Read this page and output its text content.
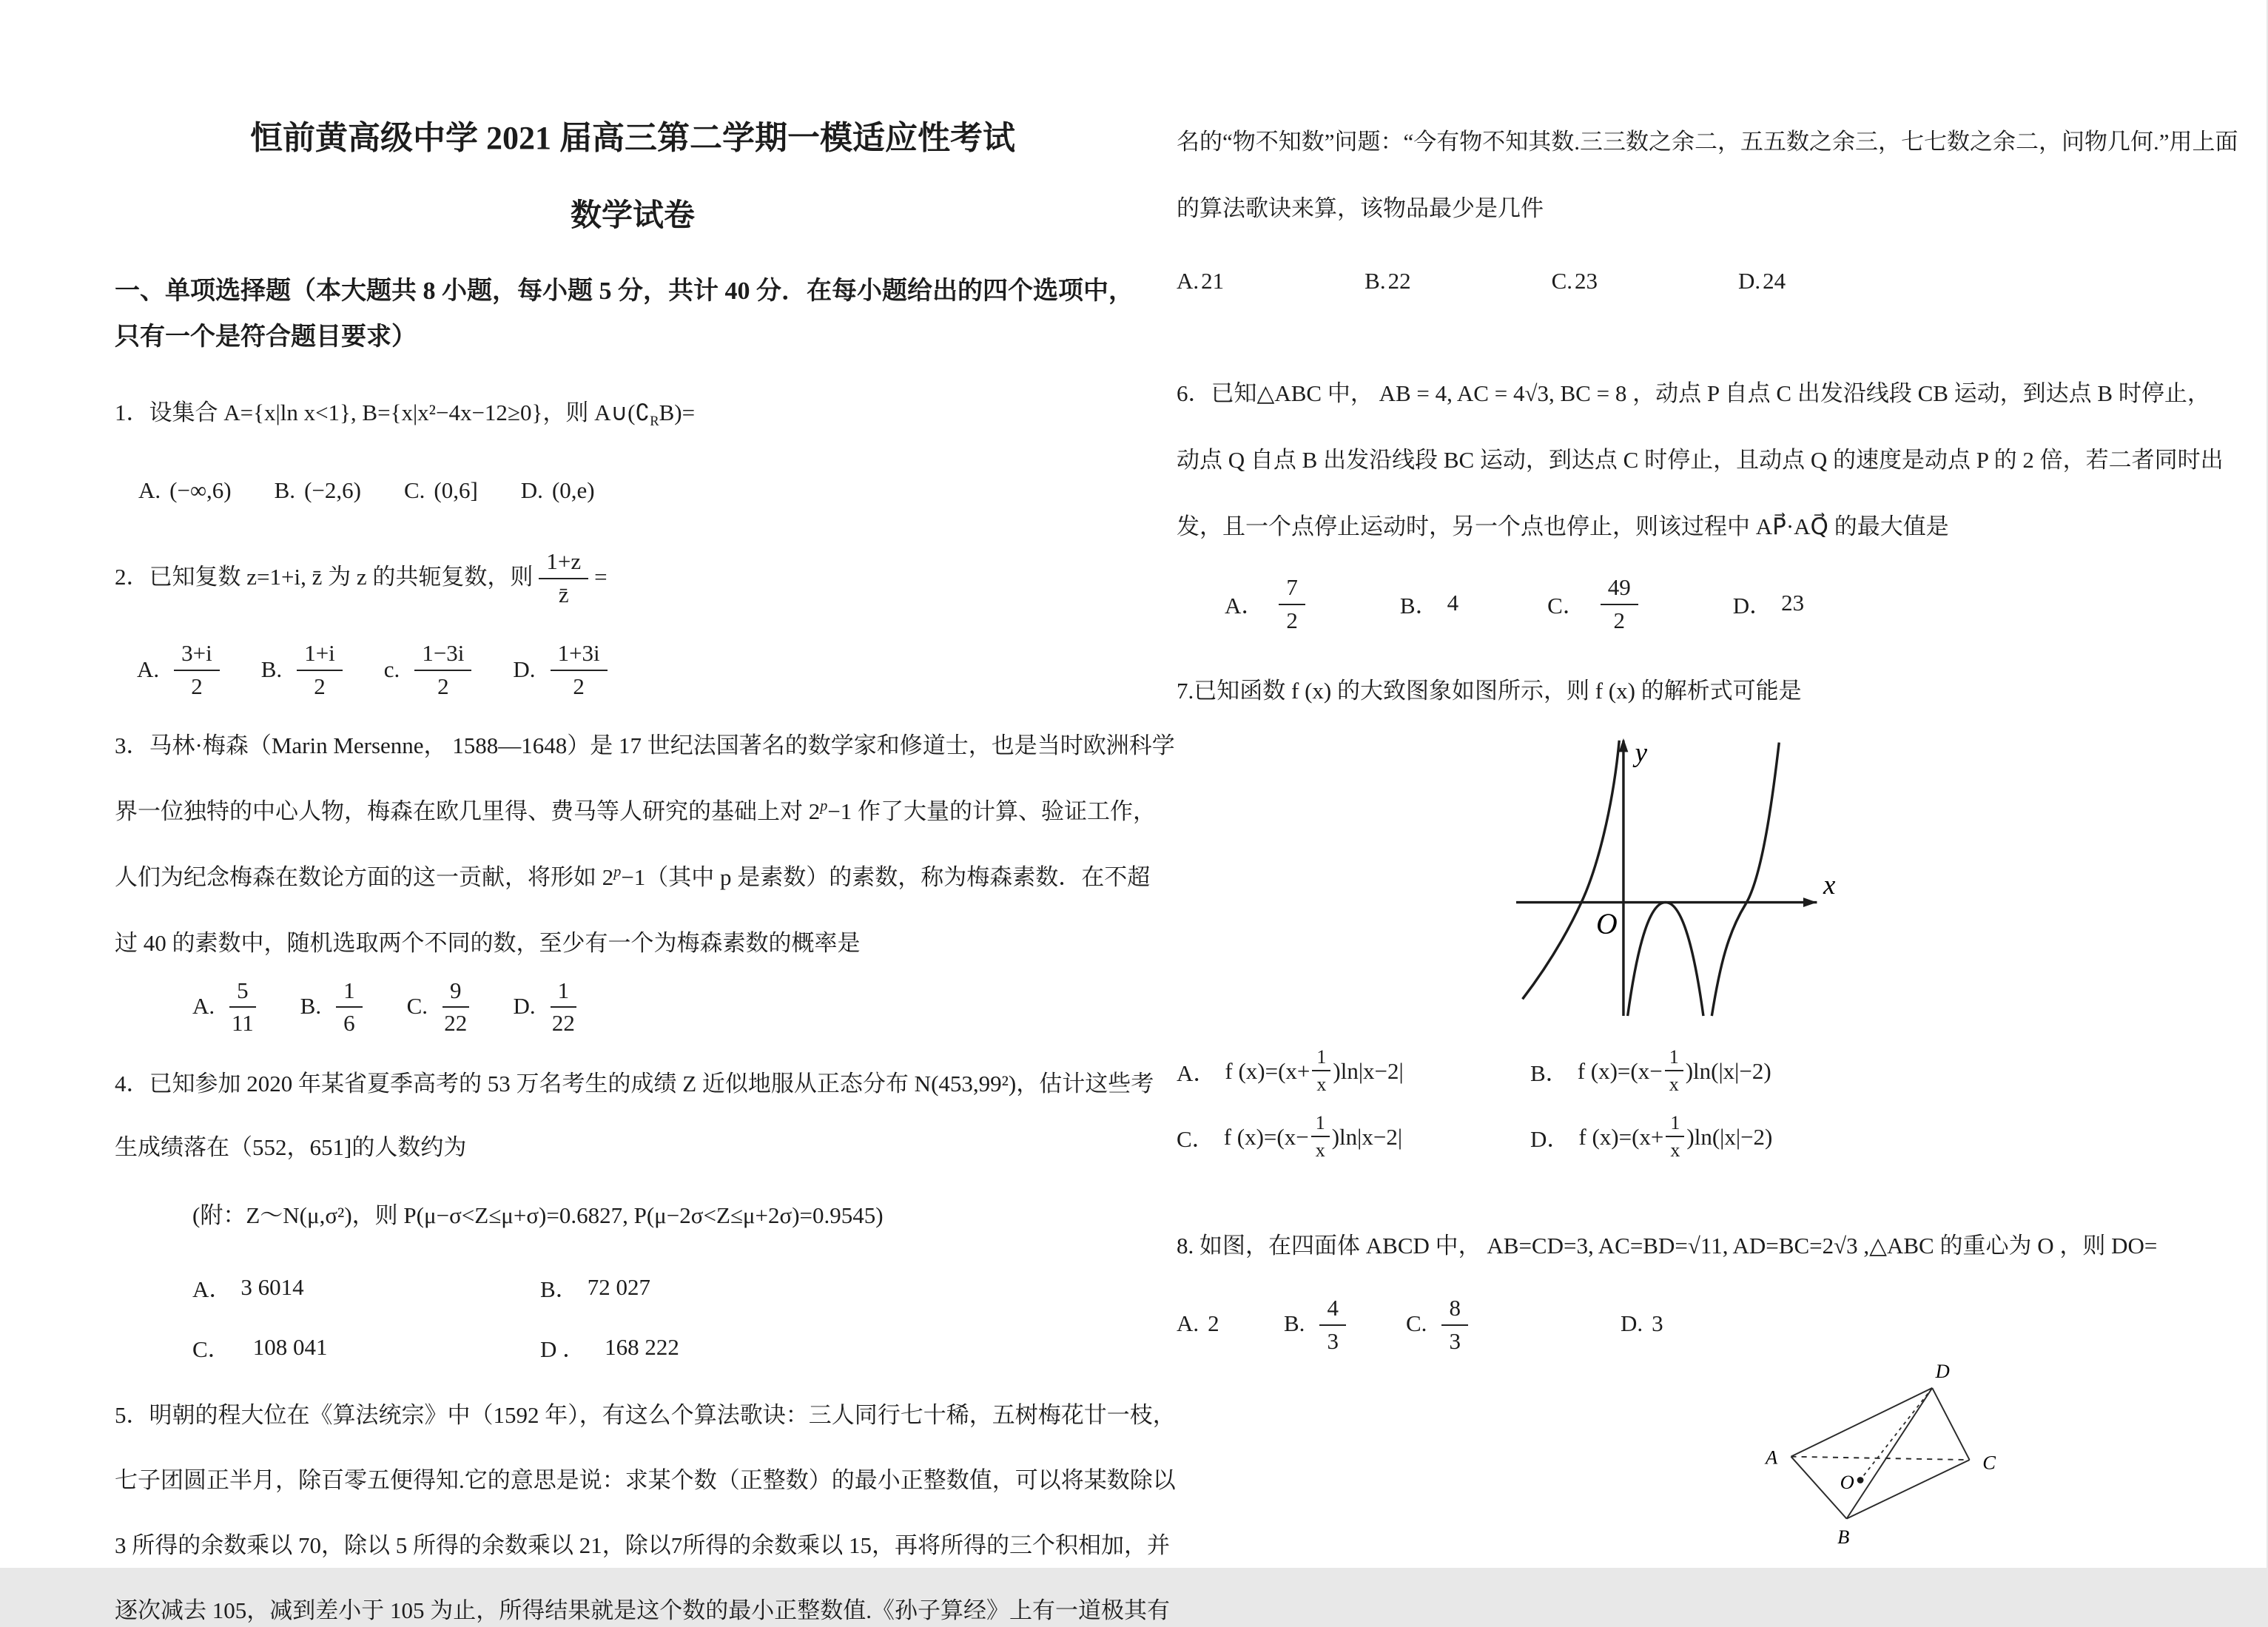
恒前黄高级中学 2021 届高三第二学期一模适应性考试
数学试卷

一、单项选择题（本大题共 8 小题，每小题 5 分，共计 40 分．在每小题给出的四个选项中，

只有一个是符合题目要求）

1．设集合 A={x|ln x<1}, B={x|x²−4x−12≥0}，则 $A\cup(∁_RB)=$

A. (−∞,6) B. (−2,6) C. (0,6] D. (0,e)

2．已知复数 z=1+i, z̄ 为 z 的共轭复数，则 $\frac{1+z}{z̄}$ =

A. $\frac{3+i}{2} B$. $\frac{1+i}{2} c$. $\frac{1-3i}{2} D$. $\frac{1+3i}{2}$

3．马林·梅森（Marin Mersenne， 1588—1648）是 17 世纪法国著名的数学家和修道士，也是当时欧洲科学

界一位独特的中心人物，梅森在欧几里得、费马等人研究的基础上对 $2^p-1$ 作了大量的计算、验证工作，

人们为纪念梅森在数论方面的这一贡献，将形如 $2^p-1$（其中 p 是素数）的素数，称为梅森素数．在不超

过 40 的素数中，随机选取两个不同的数，至少有一个为梅森素数的概率是

A. $\frac{5}{11} B$. $\frac{1}{6} C$. $\frac{9}{22} D$. $\frac{1}{22}$

4．已知参加 2020 年某省夏季高考的 53 万名考生的成绩 Z 近似地服从正态分布 N(453,99²)，估计这些考

生成绩落在（552，651]的人数约为

(附：Z～N(μ,σ²)，则 P(μ−σ<Z≤μ+σ)=0.6827, P(μ−2σ<Z≤μ+2σ)=0.9545)

A． 3 6014	B． 72 027
C． 108 041	D ． 168 222

5．明朝的程大位在《算法统宗》中（1592 年），有这么个算法歌诀：三人同行七十稀，五树梅花廿一枝，

七子团圆正半月，除百零五便得知.它的意思是说：求某个数（正整数）的最小正整数值，可以将某数除以

3 所得的余数乘以 70，除以 5 所得的余数乘以 21，除以7所得的余数乘以 15，再将所得的三个积相加，并

逐次减去 105，减到差小于 105 为止，所得结果就是这个数的最小正整数值.《孙子算经》上有一道极其有

名的“物不知数”问题：“今有物不知其数.三三数之余二，五五数之余三，七七数之余二，问物几何.”用上面

的算法歌诀来算，该物品最少是几件

A. 21	B. 22	C. 23	D. 24

6．已知△ABC 中， AB = 4, AC = 4√3, BC = 8 ，动点 P 自点 C 出发沿线段 CB 运动，到达点 B 时停止，

动点 Q 自点 B 出发沿线段 BC 运动，到达点 C 时停止，且动点 Q 的速度是动点 P 的 2 倍，若二者同时出

发，且一个点停止运动时，另一个点也停止，则该过程中 AP⃗·AQ⃗ 的最大值是

A． $\frac{7}{2}$	B． 4	C． $\frac{49}{2}$	D． 23

7.已知函数 f (x) 的大致图象如图所示，则 f (x) 的解析式可能是

y
x
O
A． f $(x)=(x+ \frac{1}{x} )\ln|x-2|$	B． f $(x)=(x- \frac{1}{x} )\ln(|x|-2)$
C． f $(x)=(x- \frac{1}{x} )\ln|x-2|$	D． f $(x)=(x+ \frac{1}{x} )\ln(|x|-2)$

8. 如图，在四面体 ABCD 中， AB=CD=3, AC=BD=√11, AD=BC=2√3 ,△ABC 的重心为 O ，则 DO=

A. 2	B. $\frac{4}{3}$	C. $\frac{8}{3}$	D. 3
A
B
C
D
O
